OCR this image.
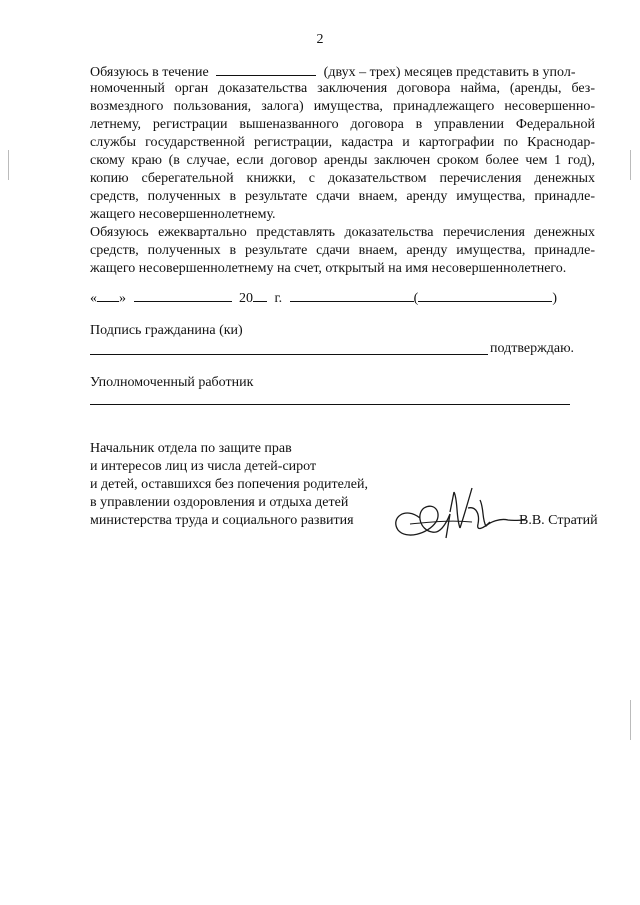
2
Обязуюсь в течение	(двух – трех) месяцев представить в упол-
номоченный орган доказательства заключения договора найма, (аренды, без-
возмездного пользования, залога) имущества, принадлежащего несовершенно-
летнему, регистрации вышеназванного договора в управлении Федеральной
службы государственной регистрации, кадастра и картографии по Краснодар-
скому краю (в случае, если договор аренды заключен сроком более чем 1 год),
копию сберегательной книжки, с доказательством перечисления денежных
средств, полученных в результате сдачи внаем, аренду имущества, принадле-
жащего несовершеннолетнему.
Обязуюсь ежеквартально представлять доказательства перечисления денежных
средств, полученных в результате сдачи внаем, аренду имущества, принадле-
жащего несовершеннолетнему на счет, открытый на имя несовершеннолетнего.
« »	20 г.	(	)
Подпись гражданина (ки)
подтверждаю.
Уполномоченный работник
Начальник отдела по защите прав
и интересов лиц из числа детей-сирот
и детей, оставшихся без попечения родителей,
в управлении оздоровления и отдыха детей
министерства труда и социального развития	В.В. Стратий
